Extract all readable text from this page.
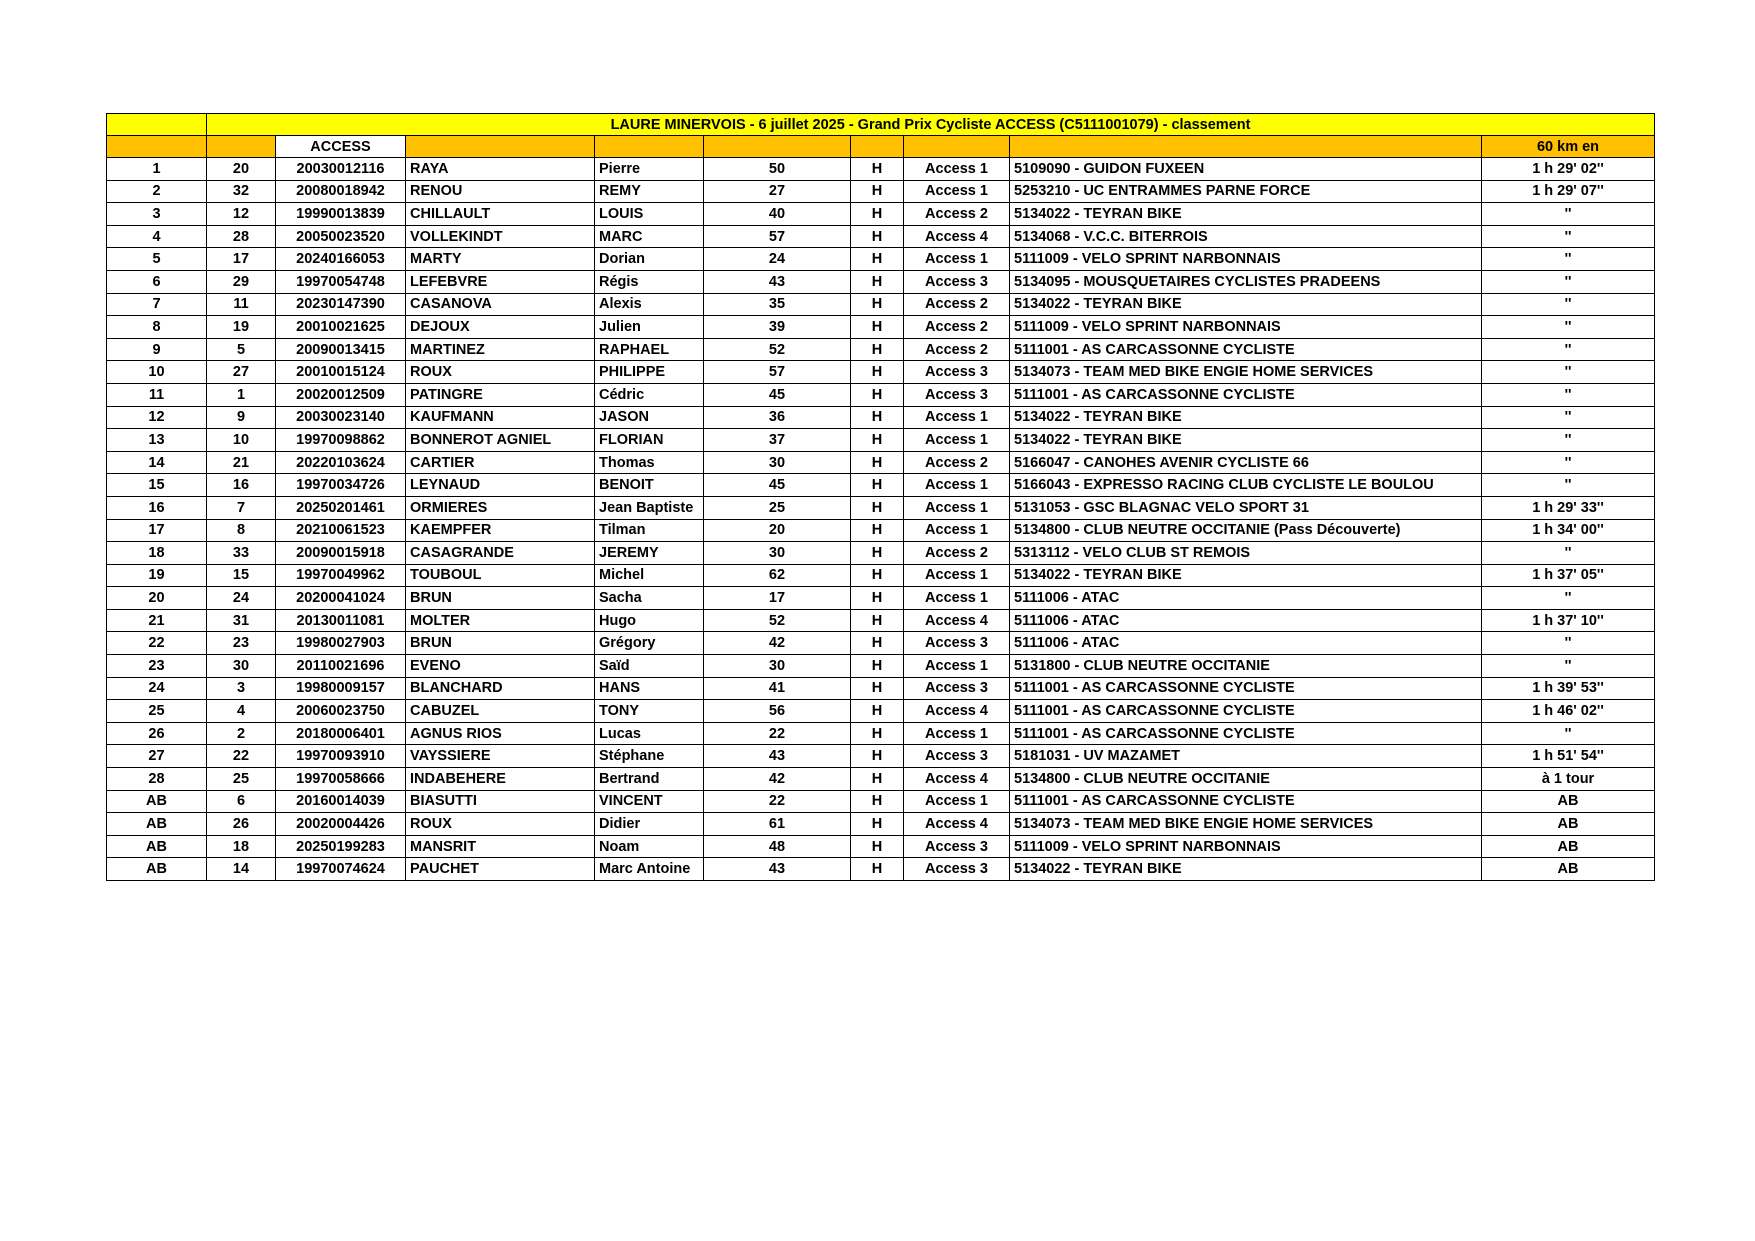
	LAURE MINERVOIS - 6 juillet 2025 - Grand Prix Cycliste ACCESS (C5111001079) - classement								
		ACCESS							60 km en
1	20	20030012116	RAYA	Pierre	50	H	Access 1	5109090 - GUIDON FUXEEN	1 h 29' 02''
2	32	20080018942	RENOU	REMY	27	H	Access 1	5253210 - UC ENTRAMMES PARNE FORCE	1 h 29' 07''
3	12	19990013839	CHILLAULT	LOUIS	40	H	Access 2	5134022 - TEYRAN BIKE	''
4	28	20050023520	VOLLEKINDT	MARC	57	H	Access 4	5134068 - V.C.C. BITERROIS	''
5	17	20240166053	MARTY	Dorian	24	H	Access 1	5111009 - VELO SPRINT NARBONNAIS	''
6	29	19970054748	LEFEBVRE	Régis	43	H	Access 3	5134095 - MOUSQUETAIRES CYCLISTES PRADEENS	''
7	11	20230147390	CASANOVA	Alexis	35	H	Access 2	5134022 - TEYRAN BIKE	''
8	19	20010021625	DEJOUX	Julien	39	H	Access 2	5111009 - VELO SPRINT NARBONNAIS	''
9	5	20090013415	MARTINEZ	RAPHAEL	52	H	Access 2	5111001 - AS CARCASSONNE CYCLISTE	''
10	27	20010015124	ROUX	PHILIPPE	57	H	Access 3	5134073 - TEAM MED BIKE ENGIE HOME SERVICES	''
11	1	20020012509	PATINGRE	Cédric	45	H	Access 3	5111001 - AS CARCASSONNE CYCLISTE	''
12	9	20030023140	KAUFMANN	JASON	36	H	Access 1	5134022 - TEYRAN BIKE	''
13	10	19970098862	BONNEROT AGNIEL	FLORIAN	37	H	Access 1	5134022 - TEYRAN BIKE	''
14	21	20220103624	CARTIER	Thomas	30	H	Access 2	5166047 - CANOHES AVENIR CYCLISTE 66	''
15	16	19970034726	LEYNAUD	BENOIT	45	H	Access 1	5166043 - EXPRESSO RACING CLUB CYCLISTE LE BOULOU	''
16	7	20250201461	ORMIERES	Jean Baptiste	25	H	Access 1	5131053 - GSC BLAGNAC VELO SPORT 31	1 h 29' 33''
17	8	20210061523	KAEMPFER	Tilman	20	H	Access 1	5134800 - CLUB NEUTRE OCCITANIE (Pass Découverte)	1 h 34' 00''
18	33	20090015918	CASAGRANDE	JEREMY	30	H	Access 2	5313112 - VELO CLUB ST REMOIS	''
19	15	19970049962	TOUBOUL	Michel	62	H	Access 1	5134022 - TEYRAN BIKE	1 h 37' 05''
20	24	20200041024	BRUN	Sacha	17	H	Access 1	5111006 - ATAC	''
21	31	20130011081	MOLTER	Hugo	52	H	Access 4	5111006 - ATAC	1 h 37' 10''
22	23	19980027903	BRUN	Grégory	42	H	Access 3	5111006 - ATAC	''
23	30	20110021696	EVENO	Saïd	30	H	Access 1	5131800 - CLUB NEUTRE OCCITANIE	''
24	3	19980009157	BLANCHARD	HANS	41	H	Access 3	5111001 - AS CARCASSONNE CYCLISTE	1 h 39' 53''
25	4	20060023750	CABUZEL	TONY	56	H	Access 4	5111001 - AS CARCASSONNE CYCLISTE	1 h 46' 02''
26	2	20180006401	AGNUS RIOS	Lucas	22	H	Access 1	5111001 - AS CARCASSONNE CYCLISTE	''
27	22	19970093910	VAYSSIERE	Stéphane	43	H	Access 3	5181031 - UV MAZAMET	1 h 51' 54''
28	25	19970058666	INDABEHERE	Bertrand	42	H	Access 4	5134800 - CLUB NEUTRE OCCITANIE	à 1 tour
AB	6	20160014039	BIASUTTI	VINCENT	22	H	Access 1	5111001 - AS CARCASSONNE CYCLISTE	AB
AB	26	20020004426	ROUX	Didier	61	H	Access 4	5134073 - TEAM MED BIKE ENGIE HOME SERVICES	AB
AB	18	20250199283	MANSRIT	Noam	48	H	Access 3	5111009 - VELO SPRINT NARBONNAIS	AB
AB	14	19970074624	PAUCHET	Marc Antoine	43	H	Access 3	5134022 - TEYRAN BIKE	AB
